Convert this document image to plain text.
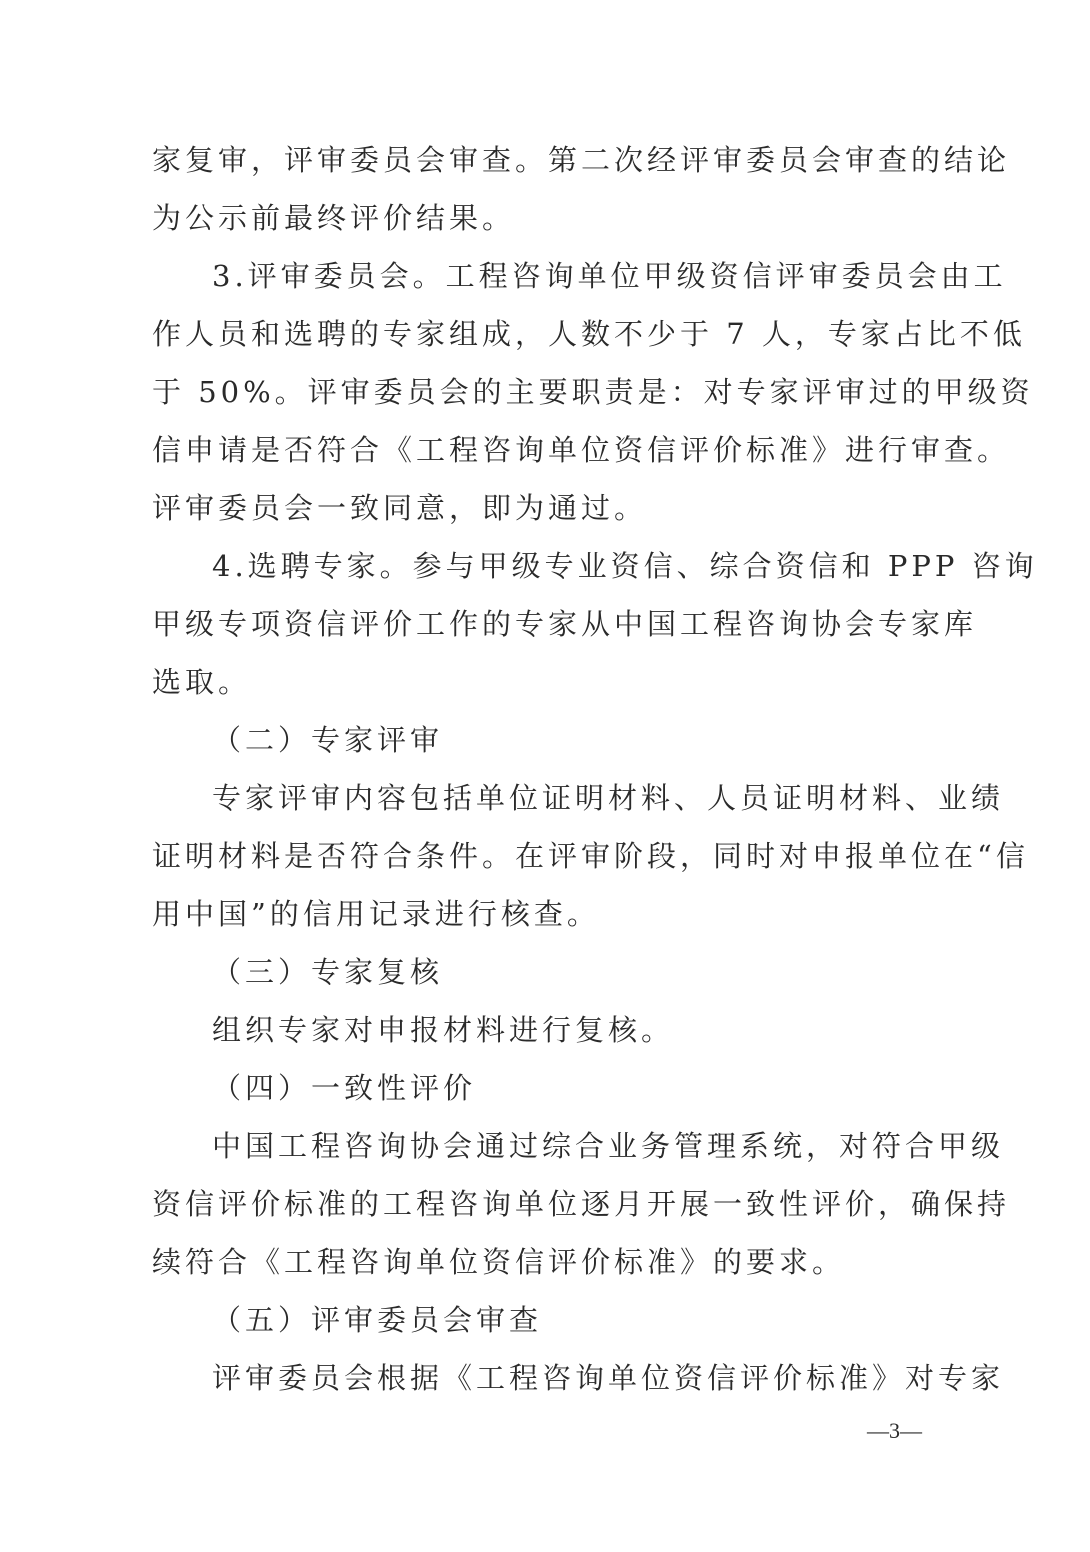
家复审，评审委员会审查。第二次经评审委员会审查的结论
为公示前最终评价结果。
3.评审委员会。工程咨询单位甲级资信评审委员会由工
作人员和选聘的专家组成，人数不少于 7 人，专家占比不低
于 50%。评审委员会的主要职责是：对专家评审过的甲级资
信申请是否符合《工程咨询单位资信评价标准》进行审查。
评审委员会一致同意，即为通过。
4.选聘专家。参与甲级专业资信、综合资信和 PPP 咨询
甲级专项资信评价工作的专家从中国工程咨询协会专家库
选取。
（二）专家评审
专家评审内容包括单位证明材料、人员证明材料、业绩
证明材料是否符合条件。在评审阶段，同时对申报单位在“信
用中国”的信用记录进行核查。
（三）专家复核
组织专家对申报材料进行复核。
（四）一致性评价
中国工程咨询协会通过综合业务管理系统，对符合甲级
资信评价标准的工程咨询单位逐月开展一致性评价，确保持
续符合《工程咨询单位资信评价标准》的要求。
（五）评审委员会审查
评审委员会根据《工程咨询单位资信评价标准》对专家
—3—
